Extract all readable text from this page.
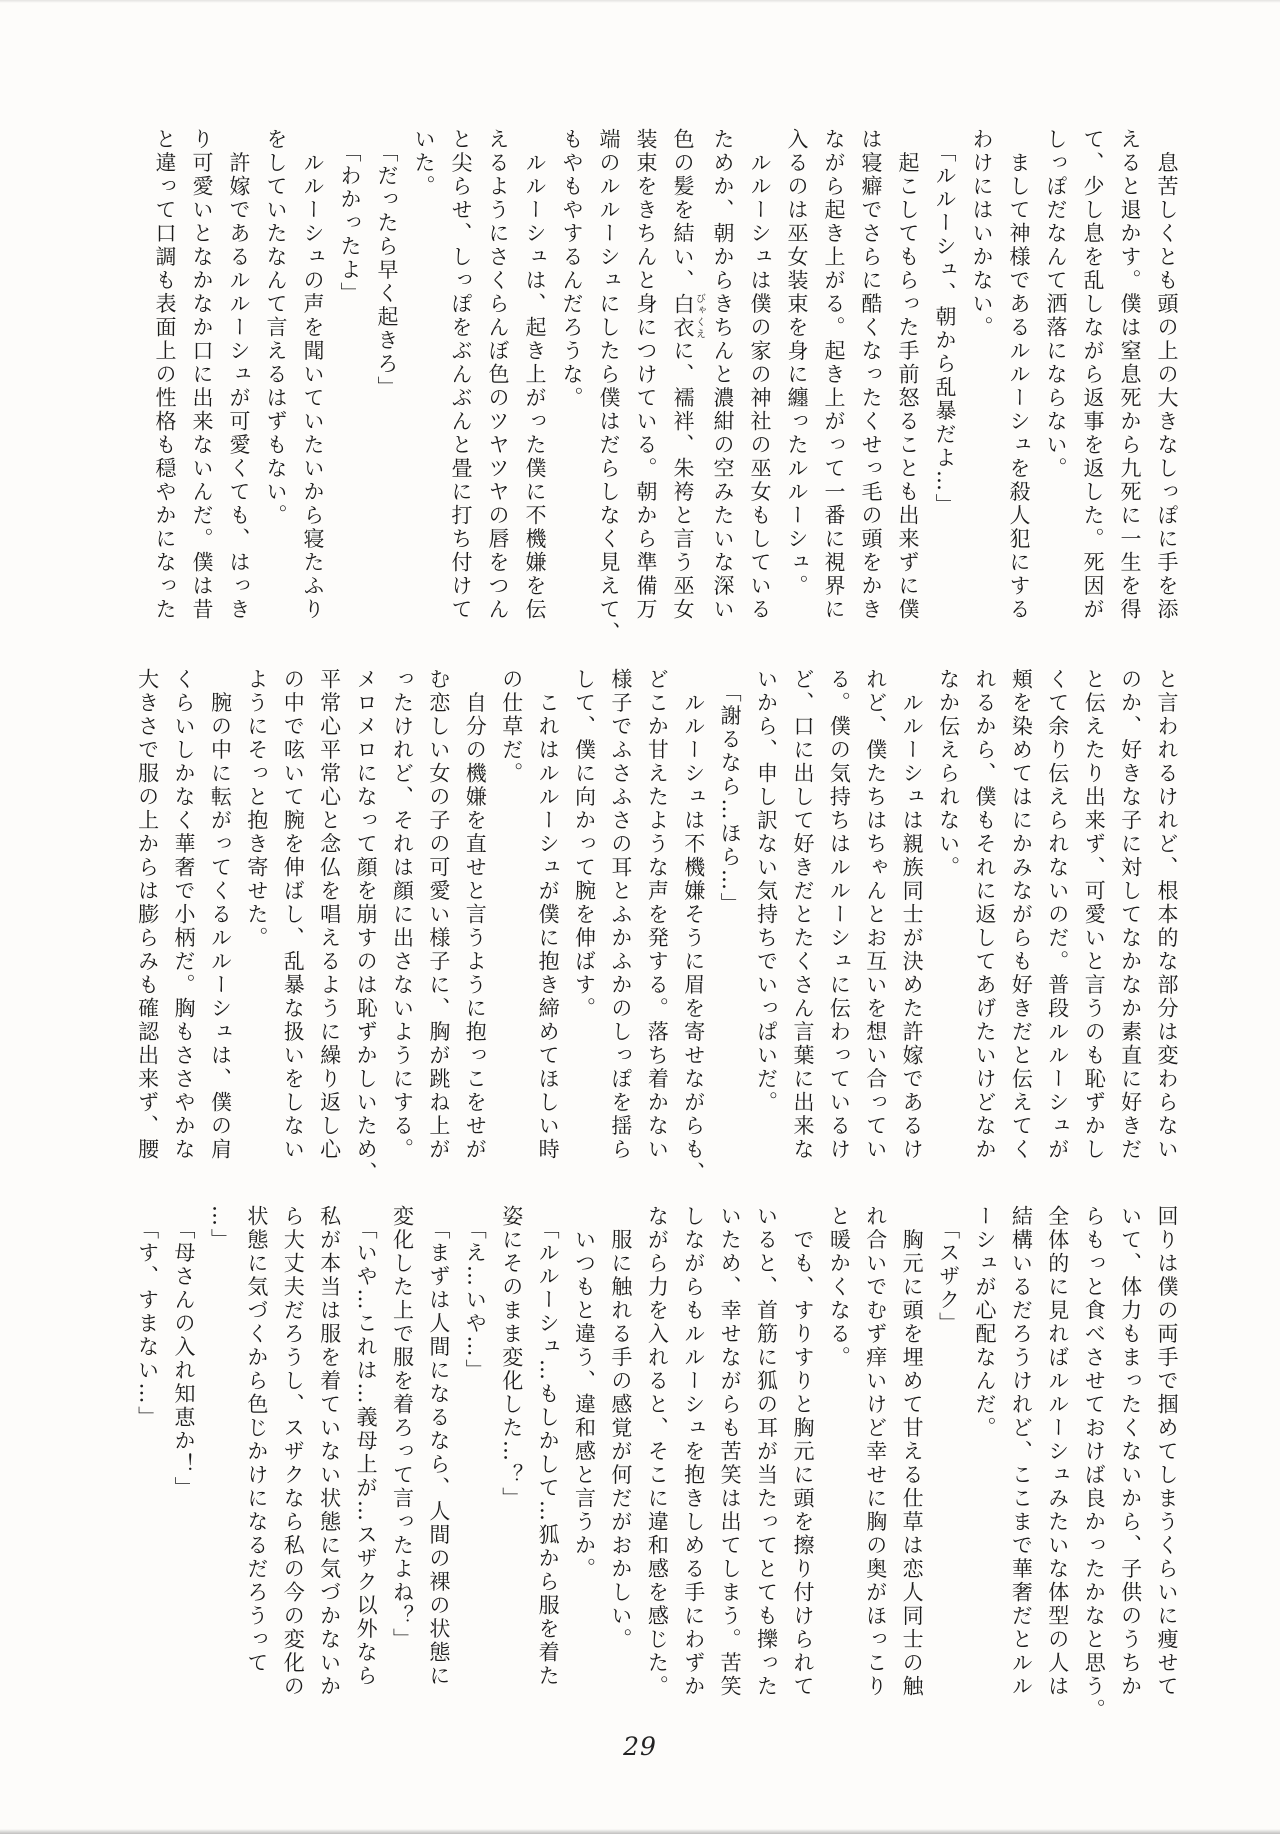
　息苦しくとも頭の上の大きなしっぽに手を添
えると退かす。僕は窒息死から九死に一生を得
て、少し息を乱しながら返事を返した。死因が
しっぽだなんて洒落にならない。
　まして神様であるルルーシュを殺人犯にする
わけにはいかない。
　「ルルーシュ、朝から乱暴だよ…」
　起こしてもらった手前怒ることも出来ずに僕
は寝癖でさらに酷くなったくせっ毛の頭をかき
ながら起き上がる。起き上がって一番に視界に
入るのは巫女装束を身に纏ったルルーシュ。
　ルルーシュは僕の家の神社の巫女もしている
ためか、朝からきちんと濃紺の空みたいな深い
色の髪を結い、白衣びゃくえに、襦袢、朱袴と言う巫女
装束をきちんと身につけている。朝から準備万
端のルルーシュにしたら僕はだらしなく見えて、
もやもやするんだろうな。
　ルルーシュは、起き上がった僕に不機嫌を伝
えるようにさくらんぼ色のツヤツヤの唇をつん
と尖らせ、しっぽをぶんぶんと畳に打ち付けて
いた。
　「だったら早く起きろ」
　「わかったよ」
　ルルーシュの声を聞いていたいから寝たふり
をしていたなんて言えるはずもない。
　許嫁であるルルーシュが可愛くても、はっき
り可愛いとなかなか口に出来ないんだ。僕は昔
と違って口調も表面上の性格も穏やかになった
と言われるけれど、根本的な部分は変わらない
のか、好きな子に対してなかなか素直に好きだ
と伝えたり出来ず、可愛いと言うのも恥ずかし
くて余り伝えられないのだ。普段ルルーシュが
頬を染めてはにかみながらも好きだと伝えてく
れるから、僕もそれに返してあげたいけどなか
なか伝えられない。
　ルルーシュは親族同士が決めた許嫁であるけ
れど、僕たちはちゃんとお互いを想い合ってい
る。僕の気持ちはルルーシュに伝わっているけ
ど、口に出して好きだとたくさん言葉に出来な
いから、申し訳ない気持ちでいっぱいだ。
　「謝るなら…ほら…」
　ルルーシュは不機嫌そうに眉を寄せながらも、
どこか甘えたような声を発する。落ち着かない
様子でふさふさの耳とふかふかのしっぽを揺ら
して、僕に向かって腕を伸ばす。
　これはルルーシュが僕に抱き締めてほしい時
の仕草だ。
　自分の機嫌を直せと言うように抱っこをせが
む恋しい女の子の可愛い様子に、胸が跳ね上が
ったけれど、それは顔に出さないようにする。
メロメロになって顔を崩すのは恥ずかしいため、
平常心平常心と念仏を唱えるように繰り返し心
の中で呟いて腕を伸ばし、乱暴な扱いをしない
ようにそっと抱き寄せた。
　腕の中に転がってくるルルーシュは、僕の肩
くらいしかなく華奢で小柄だ。胸もささやかな
大きさで服の上からは膨らみも確認出来ず、腰
回りは僕の両手で掴めてしまうくらいに痩せて
いて、体力もまったくないから、子供のうちか
らもっと食べさせておけば良かったかなと思う。
全体的に見ればルルーシュみたいな体型の人は
結構いるだろうけれど、ここまで華奢だとルル
ーシュが心配なんだ。
　「スザク」
　胸元に頭を埋めて甘える仕草は恋人同士の触
れ合いでむず痒いけど幸せに胸の奥がほっこり
と暖かくなる。
　でも、すりすりと胸元に頭を擦り付けられて
いると、首筋に狐の耳が当たってとても擽った
いため、幸せながらも苦笑は出てしまう。苦笑
しながらもルルーシュを抱きしめる手にわずか
ながら力を入れると、そこに違和感を感じた。
　服に触れる手の感覚が何だがおかしい。
　いつもと違う、違和感と言うか。
　「ルルーシュ…もしかして…狐から服を着た
姿にそのまま変化した…？」
　「え…いや…」
　「まずは人間になるなら、人間の裸の状態に
変化した上で服を着ろって言ったよね？」
　「いや…これは…義母上が…スザク以外なら
私が本当は服を着ていない状態に気づかないか
ら大丈夫だろうし、スザクなら私の今の変化の
状態に気づくから色じかけになるだろうって
…」
　「母さんの入れ知恵か！」
　「す、すまない…」
29
